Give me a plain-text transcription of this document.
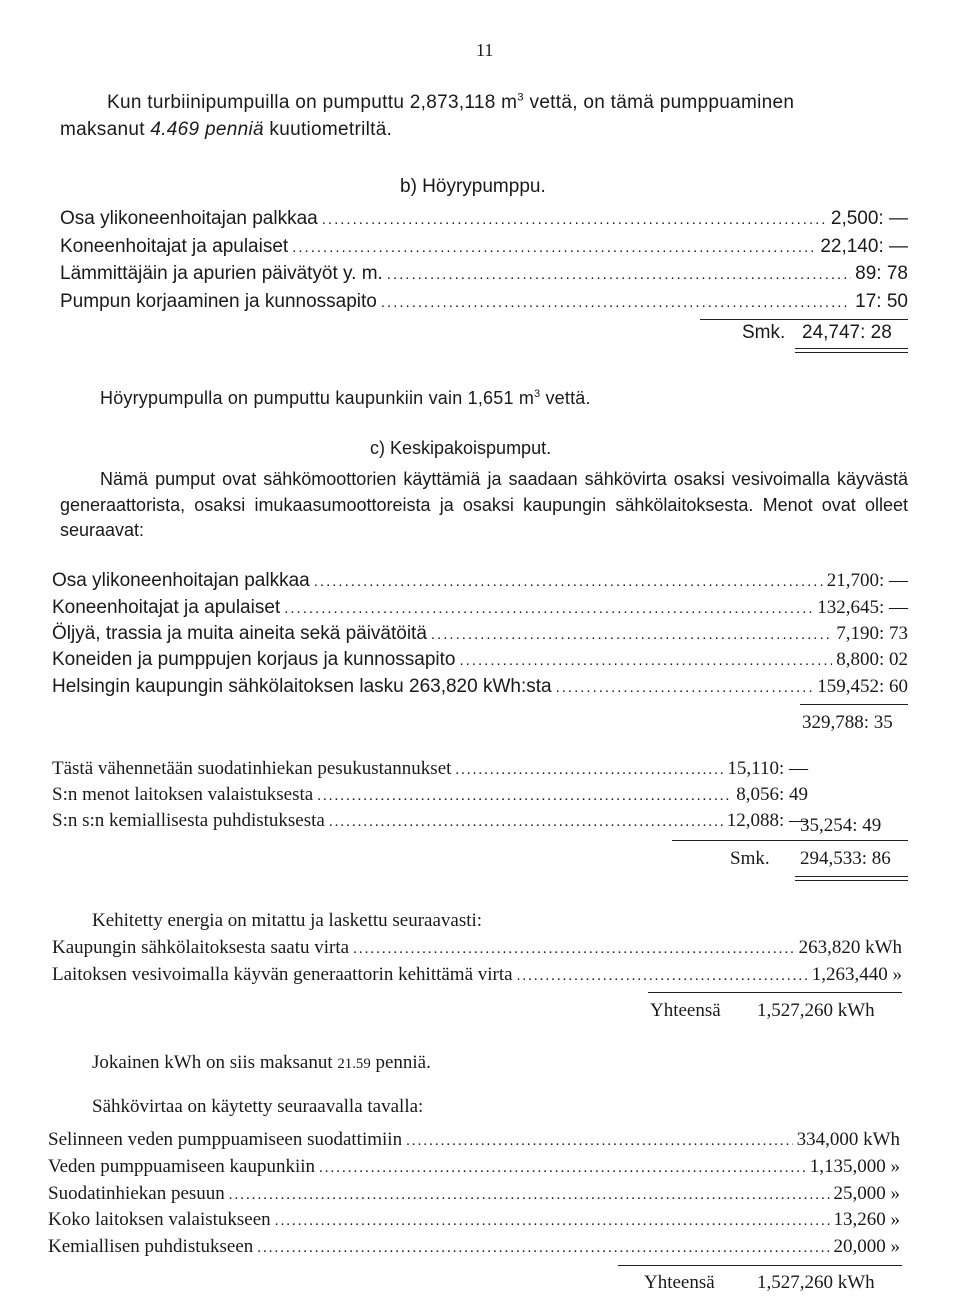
11
Kun turbiinipumpuilla on pumputtu 2,873,118 $m^3$ vettä, on tämä pumppuaminen
maksanut 4.469 penniä kuutiometriltä.
b) Höyrypumppu.
Osa ylikoneenhoitajan palkkaa .....	2,500: —
Koneenhoitajat ja apulaiset .....	22,140: —
Lämmittäjäin ja apurien päivätyöt y. m. .....	89: 78
Pumpun korjaaminen ja kunnossapito .....	17: 50
Smk. 24,747: 28
Höyrypumpulla on pumputtu kaupunkiin vain 1,651 $m^3$ vettä.
c) Keskipakoispumput.
Nämä pumput ovat sähkömoottorien käyttämiä ja saadaan sähkövirta osaksi vesivoimalla käyvästä generaattorista, osaksi imukaasumoottoreista ja osaksi kaupungin sähkölaitoksesta. Menot ovat olleet seuraavat:
Osa ylikoneenhoitajan palkkaa .....	21,700: —
Koneenhoitajat ja apulaiset .....	132,645: —
Öljyä, trassia ja muita aineita sekä päivätöitä .....	7,190: 73
Koneiden ja pumppujen korjaus ja kunnossapito .....	8,800: 02
Helsingin kaupungin sähkölaitoksen lasku 263,820 kWh:sta .....	159,452: 60
329,788: 35
Tästä vähennetään suodatinhiekan pesukustannukset .....	15,110: —
S:n menot laitoksen valaistuksesta .....	8,056: 49
S:n s:n kemiallisesta puhdistuksesta .....	12,088: —
35,254: 49
Smk. 294,533: 86
Kehitetty energia on mitattu ja laskettu seuraavasti:
Kaupungin sähkölaitoksesta saatu virta .....	263,820 kWh
Laitoksen vesivoimalla käyvän generaattorin kehittämä virta .....	1,263,440 »
Yhteensä 1,527,260 kWh
Jokainen kWh on siis maksanut 21.59 penniä.
Sähkövirtaa on käytetty seuraavalla tavalla:
Selinneen veden pumppuamiseen suodattimiin .....	334,000 kWh
Veden pumppuamiseen kaupunkiin .....	1,135,000 »
Suodatinhiekan pesuun .....	25,000 »
Koko laitoksen valaistukseen .....	13,260 »
Kemiallisen puhdistukseen .....	20,000 »
Yhteensä 1,527,260 kWh
